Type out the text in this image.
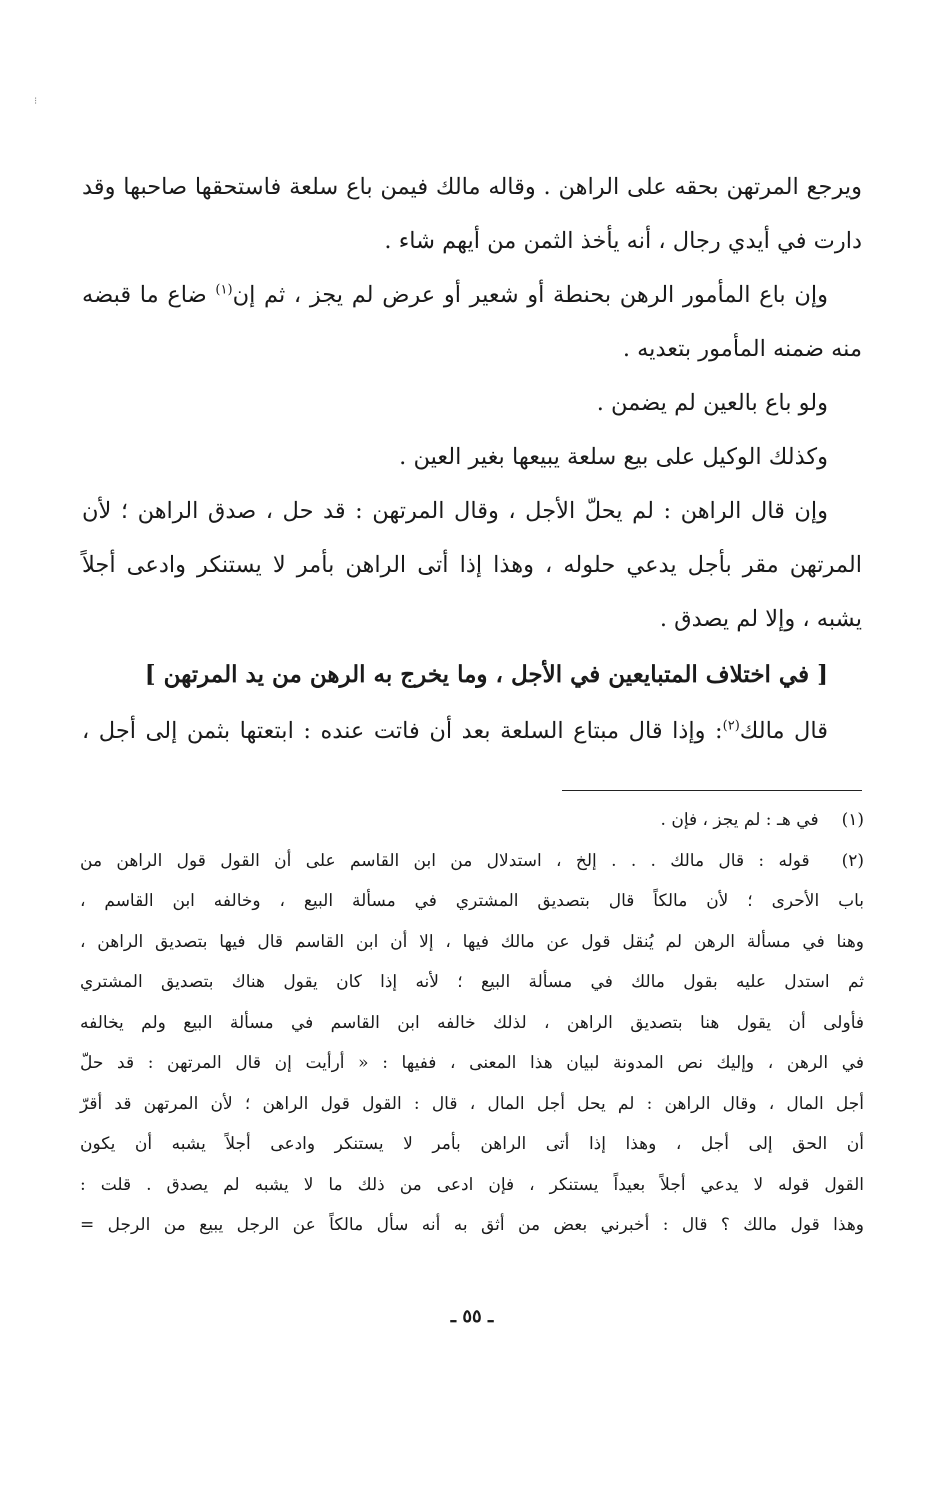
⁝
ويرجع المرتهن بحقه على الراهن . وقاله مالك فيمن باع سلعة فاستحقها صاحبها وقد
دارت في أيدي رجال ، أنه يأخذ الثمن من أيهم شاء .
وإن باع المأمور الرهن بحنطة أو شعير أو عرض لم يجز ، ثم إن$^{(١)}$ ضاع ما قبضه
منه ضمنه المأمور بتعديه .
ولو باع بالعين لم يضمن .
وكذلك الوكيل على بيع سلعة يبيعها بغير العين .
وإن قال الراهن : لم يحلّ الأجل ، وقال المرتهن : قد حل ، صدق الراهن ؛ لأن
المرتهن مقر بأجل يدعي حلوله ، وهذا إذا أتى الراهن بأمر لا يستنكر وادعى أجلاً
يشبه ، وإلا لم يصدق .
[ في اختلاف المتبايعين في الأجل ، وما يخرج به الرهن من يد المرتهن ]
قال مالك$^{(٢)}$: وإذا قال مبتاع السلعة بعد أن فاتت عنده : ابتعتها بثمن إلى أجل ،
(١) في هـ : لم يجز ، فإن .
(٢) قوله : قال مالك . . . إلخ ، استدلال من ابن القاسم على أن القول قول الراهن من
باب الأحرى ؛ لأن مالكاً قال بتصديق المشتري في مسألة البيع ، وخالفه ابن القاسم ،
وهنا في مسألة الرهن لم يُنقل قول عن مالك فيها ، إلا أن ابن القاسم قال فيها بتصديق الراهن ،
ثم استدل عليه بقول مالك في مسألة البيع ؛ لأنه إذا كان يقول هناك بتصديق المشتري
فأولى أن يقول هنا بتصديق الراهن ، لذلك خالفه ابن القاسم في مسألة البيع ولم يخالفه
في الرهن ، وإليك نص المدونة لبيان هذا المعنى ، ففيها : « أرأيت إن قال المرتهن : قد حلّ
أجل المال ، وقال الراهن : لم يحل أجل المال ، قال : القول قول الراهن ؛ لأن المرتهن قد أقرّ
أن الحق إلى أجل ، وهذا إذا أتى الراهن بأمر لا يستنكر وادعى أجلاً يشبه أن يكون
القول قوله لا يدعي أجلاً بعيداً يستنكر ، فإن ادعى من ذلك ما لا يشبه لم يصدق . قلت :
وهذا قول مالك ؟ قال : أخبرني بعض من أثق به أنه سأل مالكاً عن الرجل يبيع من الرجل =
ـ ٥٥ ـ
